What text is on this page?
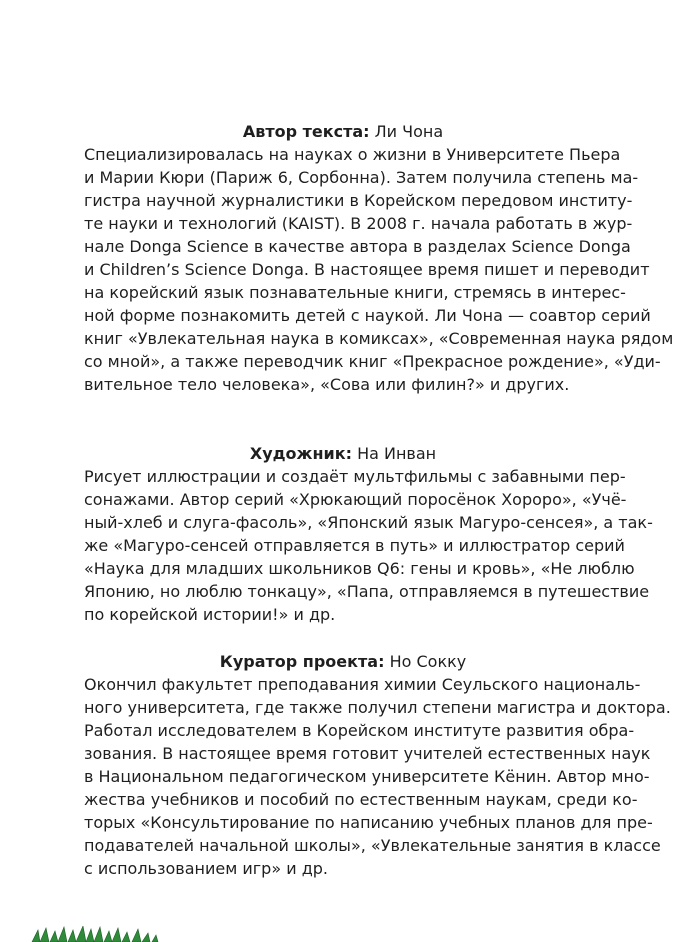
Автор текста: Ли Чона

Специализировалась на науках о жизни в Университете Пьера
и Марии Кюри (Париж 6, Сорбонна). Затем получила степень ма-
гистра научной журналистики в Корейском передовом институ-
те науки и технологий (KAIST). В 2008 г. начала работать в жур-
нале Donga Science в качестве автора в разделах Science Donga
и Children’s Science Donga. В настоящее время пишет и переводит
на корейский язык познавательные книги, стремясь в интерес-
ной форме познакомить детей с наукой. Ли Чона — соавтор серий
книг «Увлекательная наука в комиксах», «Современная наука рядом
со мной», а также переводчик книг «Прекрасное рождение», «Уди-
вительное тело человека», «Сова или филин?» и других.

Художник: На Инван

Рисует иллюстрации и создаёт мультфильмы с забавными пер-
сонажами. Автор серий «Хрюкающий поросёнок Хороро», «Учё-
ный-хлеб и слуга-фасоль», «Японский язык Магуро-сенсея», а так-
же «Магуро-сенсей отправляется в путь» и иллюстратор серий
«Наука для младших школьников Q6: гены и кровь», «Не люблю
Японию, но люблю тонкацу», «Папа, отправляемся в путешествие
по корейской истории!» и др.

Куратор проекта: Но Сокку

Окончил факультет преподавания химии Сеульского националь-
ного университета, где также получил степени магистра и доктора.
Работал исследователем в Корейском институте развития обра-
зования. В настоящее время готовит учителей естественных наук
в Национальном педагогическом университете Кёнин. Автор мно-
жества учебников и пособий по естественным наукам, среди ко-
торых «Консультирование по написанию учебных планов для пре-
подавателей начальной школы», «Увлекательные занятия в классе
с использованием игр» и др.
